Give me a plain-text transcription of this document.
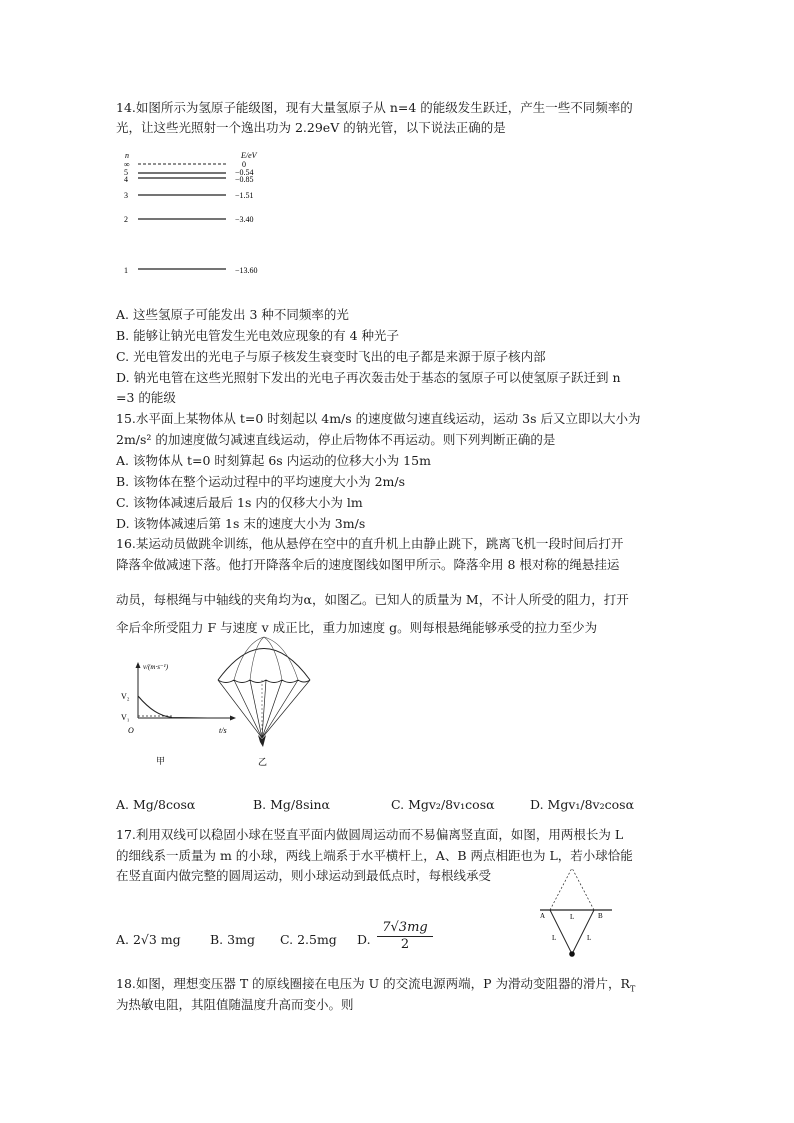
14.如图所示为氢原子能级图，现有大量氢原子从 n=4 的能级发生跃迁，产生一些不同频率的
光，让这些光照射一个逸出功为 2.29eV 的钠光管，以下说法正确的是
n	E/eV
∞	0
5	−0.54
4	−0.85
3	−1.51
2	−3.40
1	−13.60
A. 这些氢原子可能发出 3 种不同频率的光
B. 能够让钠光电管发生光电效应现象的有 4 种光子
C. 光电管发出的光电子与原子核发生衰变时飞出的电子都是来源于原子核内部
D. 钠光电管在这些光照射下发出的光电子再次轰击处于基态的氢原子可以使氢原子跃迁到 n
=3 的能级
15.水平面上某物体从 t=0 时刻起以 4m/s 的速度做匀速直线运动，运动 3s 后又立即以大小为
2m/s² 的加速度做匀减速直线运动，停止后物体不再运动。则下列判断正确的是
A. 该物体从 t=0 时刻算起 6s 内运动的位移大小为 15m
B. 该物体在整个运动过程中的平均速度大小为 2m/s
C. 该物体减速后最后 1s 内的仅移大小为 lm
D. 该物体减速后第 1s 末的速度大小为 3m/s
16.某运动员做跳伞训练，他从悬停在空中的直升机上由静止跳下，跳离飞机一段时间后打开
降落伞做减速下落。他打开降落伞后的速度图线如图甲所示。降落伞用 8 根对称的绳悬挂运
动员，每根绳与中轴线的夹角均为α，如图乙。已知人的质量为 M，不计人所受的阻力，打开
伞后伞所受阻力 F 与速度 v 成正比，重力加速度 g。则每根悬绳能够承受的拉力至少为
v/(m·s⁻¹)
t/s
V₂
V₁
O
甲	乙
A. Mg/8cosα	B. Mg/8sinα	C. Mgv₂/8v₁cosα	D. Mgv₁/8v₂cosα
17.利用双线可以稳固小球在竖直平面内做圆周运动而不易偏离竖直面，如图，用两根长为 L
的细线系一质量为 m 的小球，两线上端系于水平横杆上，A、B 两点相距也为 L，若小球恰能
在竖直面内做完整的圆周运动，则小球运动到最低点时，每根线承受
A. 2√3 mg B. 3mg C. 2.5mg D. $\frac{7√3mg}{2}$
A	B
L
L	L
18.如图，理想变压器 T 的原线圈接在电压为 U 的交流电源两端，P 为滑动变阻器的滑片，$R_T$
为热敏电阻，其阻值随温度升高而变小。则
